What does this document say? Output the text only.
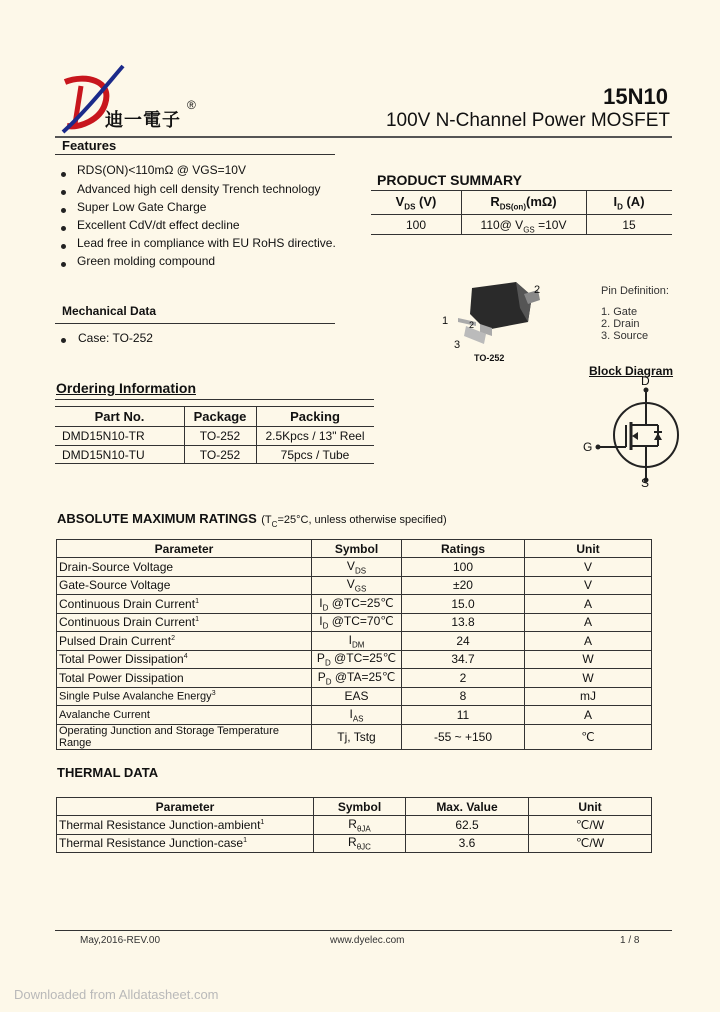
迪一電子
®	15N10
100V N-Channel Power MOSFET
Features
RDS(ON)<110mΩ @ VGS=10V
Advanced high cell density Trench technology
Super Low Gate Charge
Excellent CdV/dt effect decline
Lead free in compliance with EU RoHS directive.
Green molding compound
PRODUCT SUMMARY
$V_{DS}$ (V)	$R_{DS(on)}(m\Omega)$	$I_D$ (A)
100	110@ $V_{GS} =10V$	15
Mechanical Data
Case: TO-252
2
1 2
3
TO-252
Pin Definition:
1. Gate
2. Drain
3. Source
Block Diagram
D
G
S
Ordering Information
Part No.	Package	Packing
DMD15N10-TR	TO-252	2.5Kpcs / 13" Reel
DMD15N10-TU	TO-252	75pcs / Tube
ABSOLUTE MAXIMUM RATINGS ($T_C=25^\circ C$, unless otherwise specified)
Parameter	Symbol	Ratings	Unit
Drain-Source Voltage	$V_{DS}$	100	V
Gate-Source Voltage	$V_{GS}$	±20	V
Continuous Drain Current$^1$	$I_D$ @TC=25℃	15.0	A
Continuous Drain Current$^1$	$I_D$ @TC=70℃	13.8	A
Pulsed Drain Current$^2$	$I_{DM}$	24	A
Total Power Dissipation$^4$	$P_D$ @TC=25℃	34.7	W
Total Power Dissipation	$P_D$ @TA=25℃	2	W
Single Pulse Avalanche Energy$^3$	EAS	8	mJ
Avalanche Current	$I_{AS}$	11	A
Operating Junction and Storage Temperature Range	Tj, Tstg	-55 ~ +150	℃
THERMAL DATA
Parameter	Symbol	Max. Value	Unit
Thermal Resistance Junction-ambient$^1$	$R_{\theta JA}$	62.5	℃/W
Thermal Resistance Junction-case$^1$	$R_{\theta JC}$	3.6	℃/W
May,2016-REV.00	www.dyelec.com	1 / 8
Downloaded from Alldatasheet.com
